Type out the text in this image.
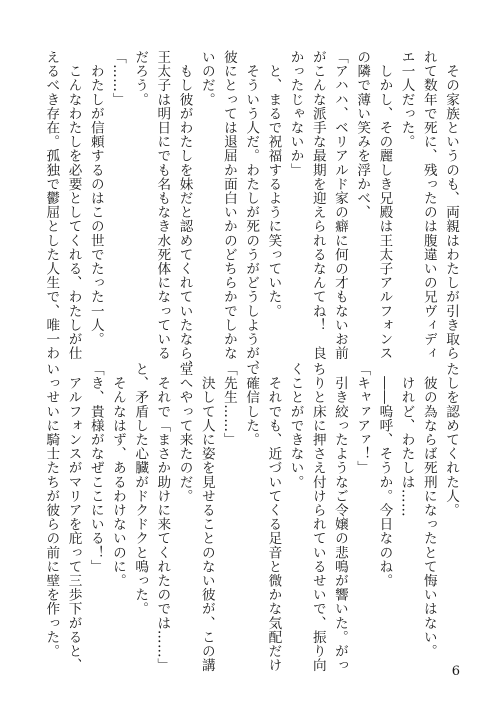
　その家族というのも、両親はわたしが引き取ら
れて数年で死に、残ったのは腹違いの兄ヴィディ
エ一人だった。
　しかし、その麗しき兄殿は王太子アルフォンス
の隣で薄い笑みを浮かべ、
「アハハ、ベリアルド家の癖に何の才もないお前
がこんな派手な最期を迎えられるなんてね！　良
かったじゃないか」
　と、まるで祝福するように笑っていた。
　そういう人だ。わたしが死のうがどうしようが、
彼にとっては退屈か面白いかのどちらかでしかな
いのだ。
　もし彼がわたしを妹だと認めてくれていたなら、
王太子は明日にでも名もなき水死体になっている
だろう。
「……」
　わたしが信頼するのはこの世でたった一人。
　こんなわたしを必要としてくれる、わたしが仕
えるべき存在。孤独で鬱屈とした人生で、唯一わ
たしを認めてくれた人。
　彼の為ならば死刑になったとて悔いはない。
　けれど、わたしは……
　――嗚呼、そうか。今日なのね。
「キャァアァ！」
　引き絞ったようなご令嬢の悲鳴が響いた。がっ
ちりと床に押さえ付けられているせいで、振り向
くことができない。
　それでも、近づいてくる足音と微かな気配だけ
で確信した。
「先生……」
　決して人に姿を見せることのない彼が、この講
堂へやって来たのだ。
　それで「まさか助けに来てくれたのでは……」
と、矛盾した心臓がドクドクと鳴った。
　そんなはず、あるわけないのに。
「き、貴様がなぜここにいる！」
　アルフォンスがマリアを庇って三歩下がると、
いっせいに騎士たちが彼らの前に壁を作った。
6
